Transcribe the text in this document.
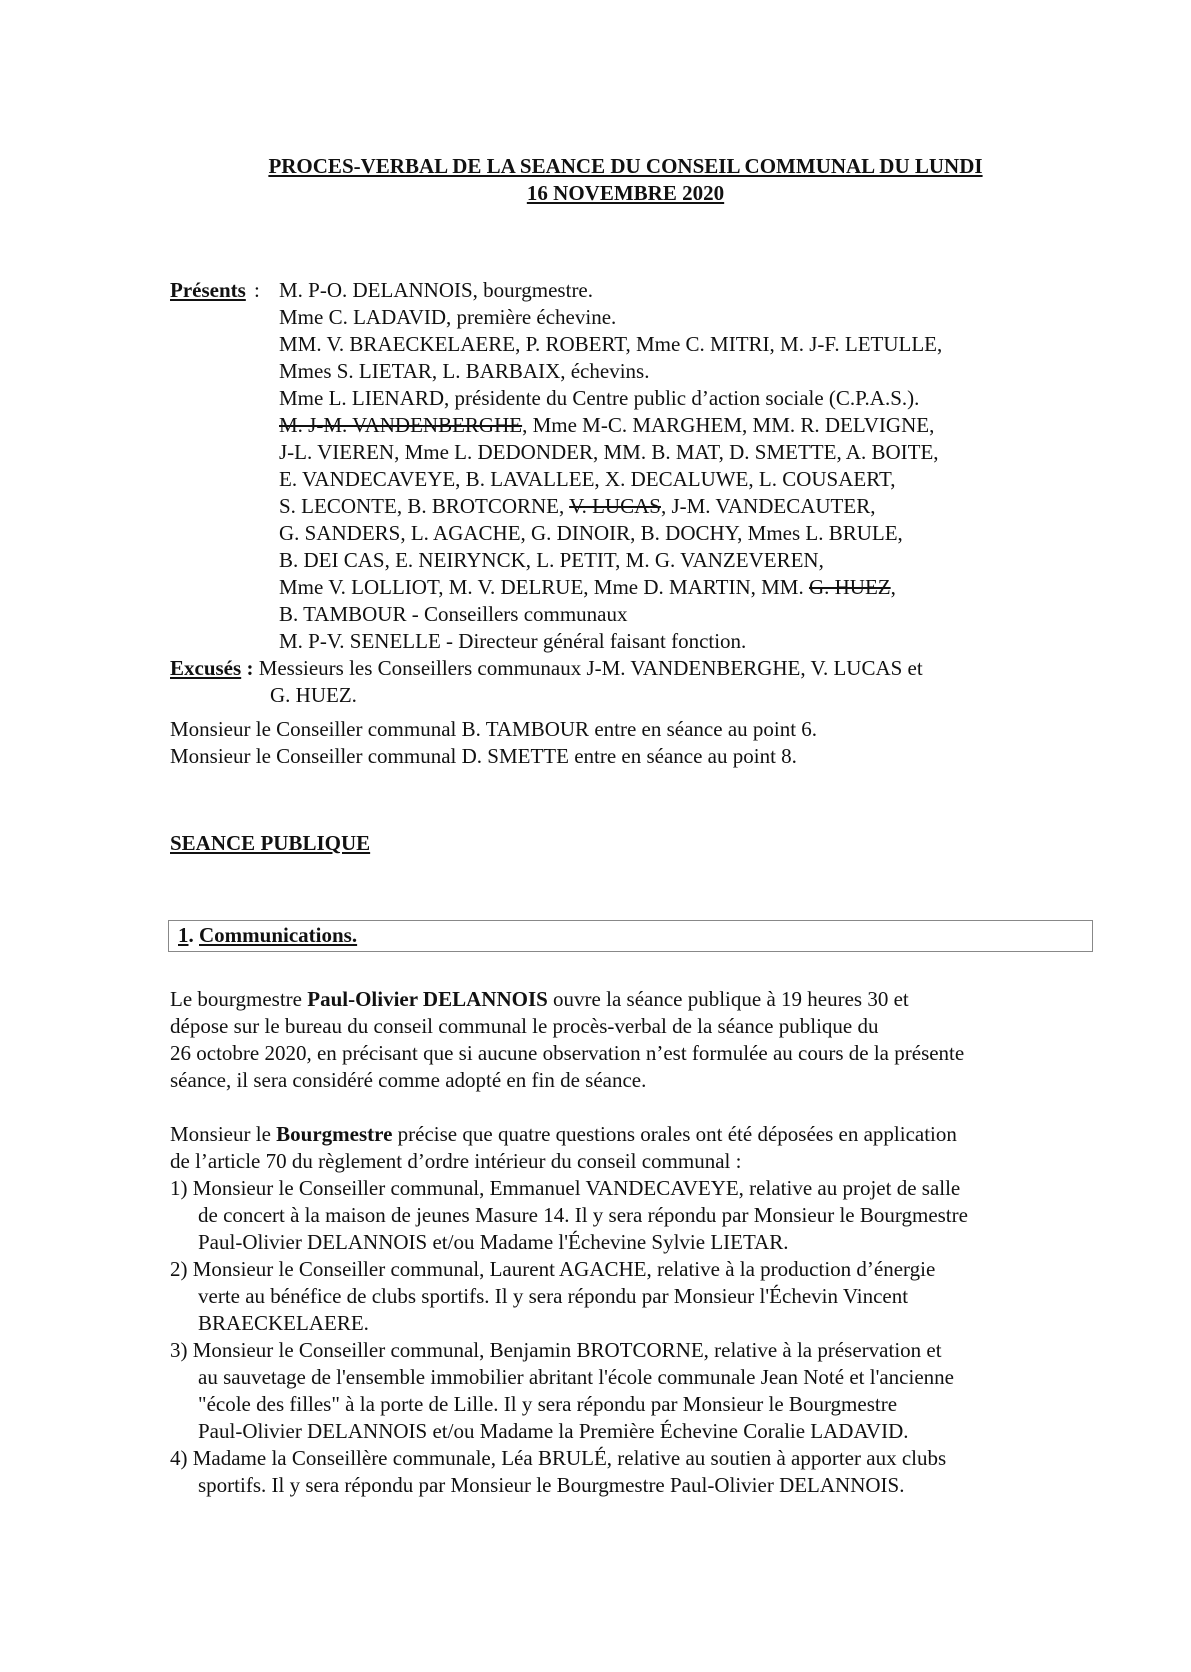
PROCES-VERBAL DE LA SEANCE DU CONSEIL COMMUNAL DU LUNDI
16 NOVEMBRE 2020
Présents : M. P-O. DELANNOIS, bourgmestre.
Mme C. LADAVID, première échevine.
MM. V. BRAECKELAERE, P. ROBERT, Mme C. MITRI, M. J-F. LETULLE,
Mmes S. LIETAR, L. BARBAIX, échevins.
Mme L. LIENARD, présidente du Centre public d’action sociale (C.P.A.S.).
M. J-M. VANDENBERGHE, Mme M-C. MARGHEM, MM. R. DELVIGNE,
J-L. VIEREN, Mme L. DEDONDER, MM. B. MAT, D. SMETTE, A. BOITE,
E. VANDECAVEYE, B. LAVALLEE, X. DECALUWE, L. COUSAERT,
S. LECONTE, B. BROTCORNE, V. LUCAS, J-M. VANDECAUTER,
G. SANDERS, L. AGACHE, G. DINOIR, B. DOCHY, Mmes L. BRULE,
B. DEI CAS, E. NEIRYNCK, L. PETIT, M. G. VANZEVEREN,
Mme V. LOLLIOT, M. V. DELRUE, Mme D. MARTIN, MM. G. HUEZ,
B. TAMBOUR - Conseillers communaux
M. P-V. SENELLE - Directeur général faisant fonction.
Excusés : Messieurs les Conseillers communaux J-M. VANDENBERGHE, V. LUCAS et
G. HUEZ.
Monsieur le Conseiller communal B. TAMBOUR entre en séance au point 6.
Monsieur le Conseiller communal D. SMETTE entre en séance au point 8.
SEANCE PUBLIQUE
1. Communications.
Le bourgmestre Paul-Olivier DELANNOIS ouvre la séance publique à 19 heures 30 et
dépose sur le bureau du conseil communal le procès-verbal de la séance publique du
26 octobre 2020, en précisant que si aucune observation n’est formulée au cours de la présente
séance, il sera considéré comme adopté en fin de séance.
Monsieur le Bourgmestre précise que quatre questions orales ont été déposées en application
de l’article 70 du règlement d’ordre intérieur du conseil communal :
1) Monsieur le Conseiller communal, Emmanuel VANDECAVEYE, relative au projet de salle
de concert à la maison de jeunes Masure 14. Il y sera répondu par Monsieur le Bourgmestre
Paul-Olivier DELANNOIS et/ou Madame l'Échevine Sylvie LIETAR.
2) Monsieur le Conseiller communal, Laurent AGACHE, relative à la production d’énergie
verte au bénéfice de clubs sportifs. Il y sera répondu par Monsieur l'Échevin Vincent
BRAECKELAERE.
3) Monsieur le Conseiller communal, Benjamin BROTCORNE, relative à la préservation et
au sauvetage de l'ensemble immobilier abritant l'école communale Jean Noté et l'ancienne
"école des filles" à la porte de Lille. Il y sera répondu par Monsieur le Bourgmestre
Paul-Olivier DELANNOIS et/ou Madame la Première Échevine Coralie LADAVID.
4) Madame la Conseillère communale, Léa BRULÉ, relative au soutien à apporter aux clubs
sportifs. Il y sera répondu par Monsieur le Bourgmestre Paul-Olivier DELANNOIS.
